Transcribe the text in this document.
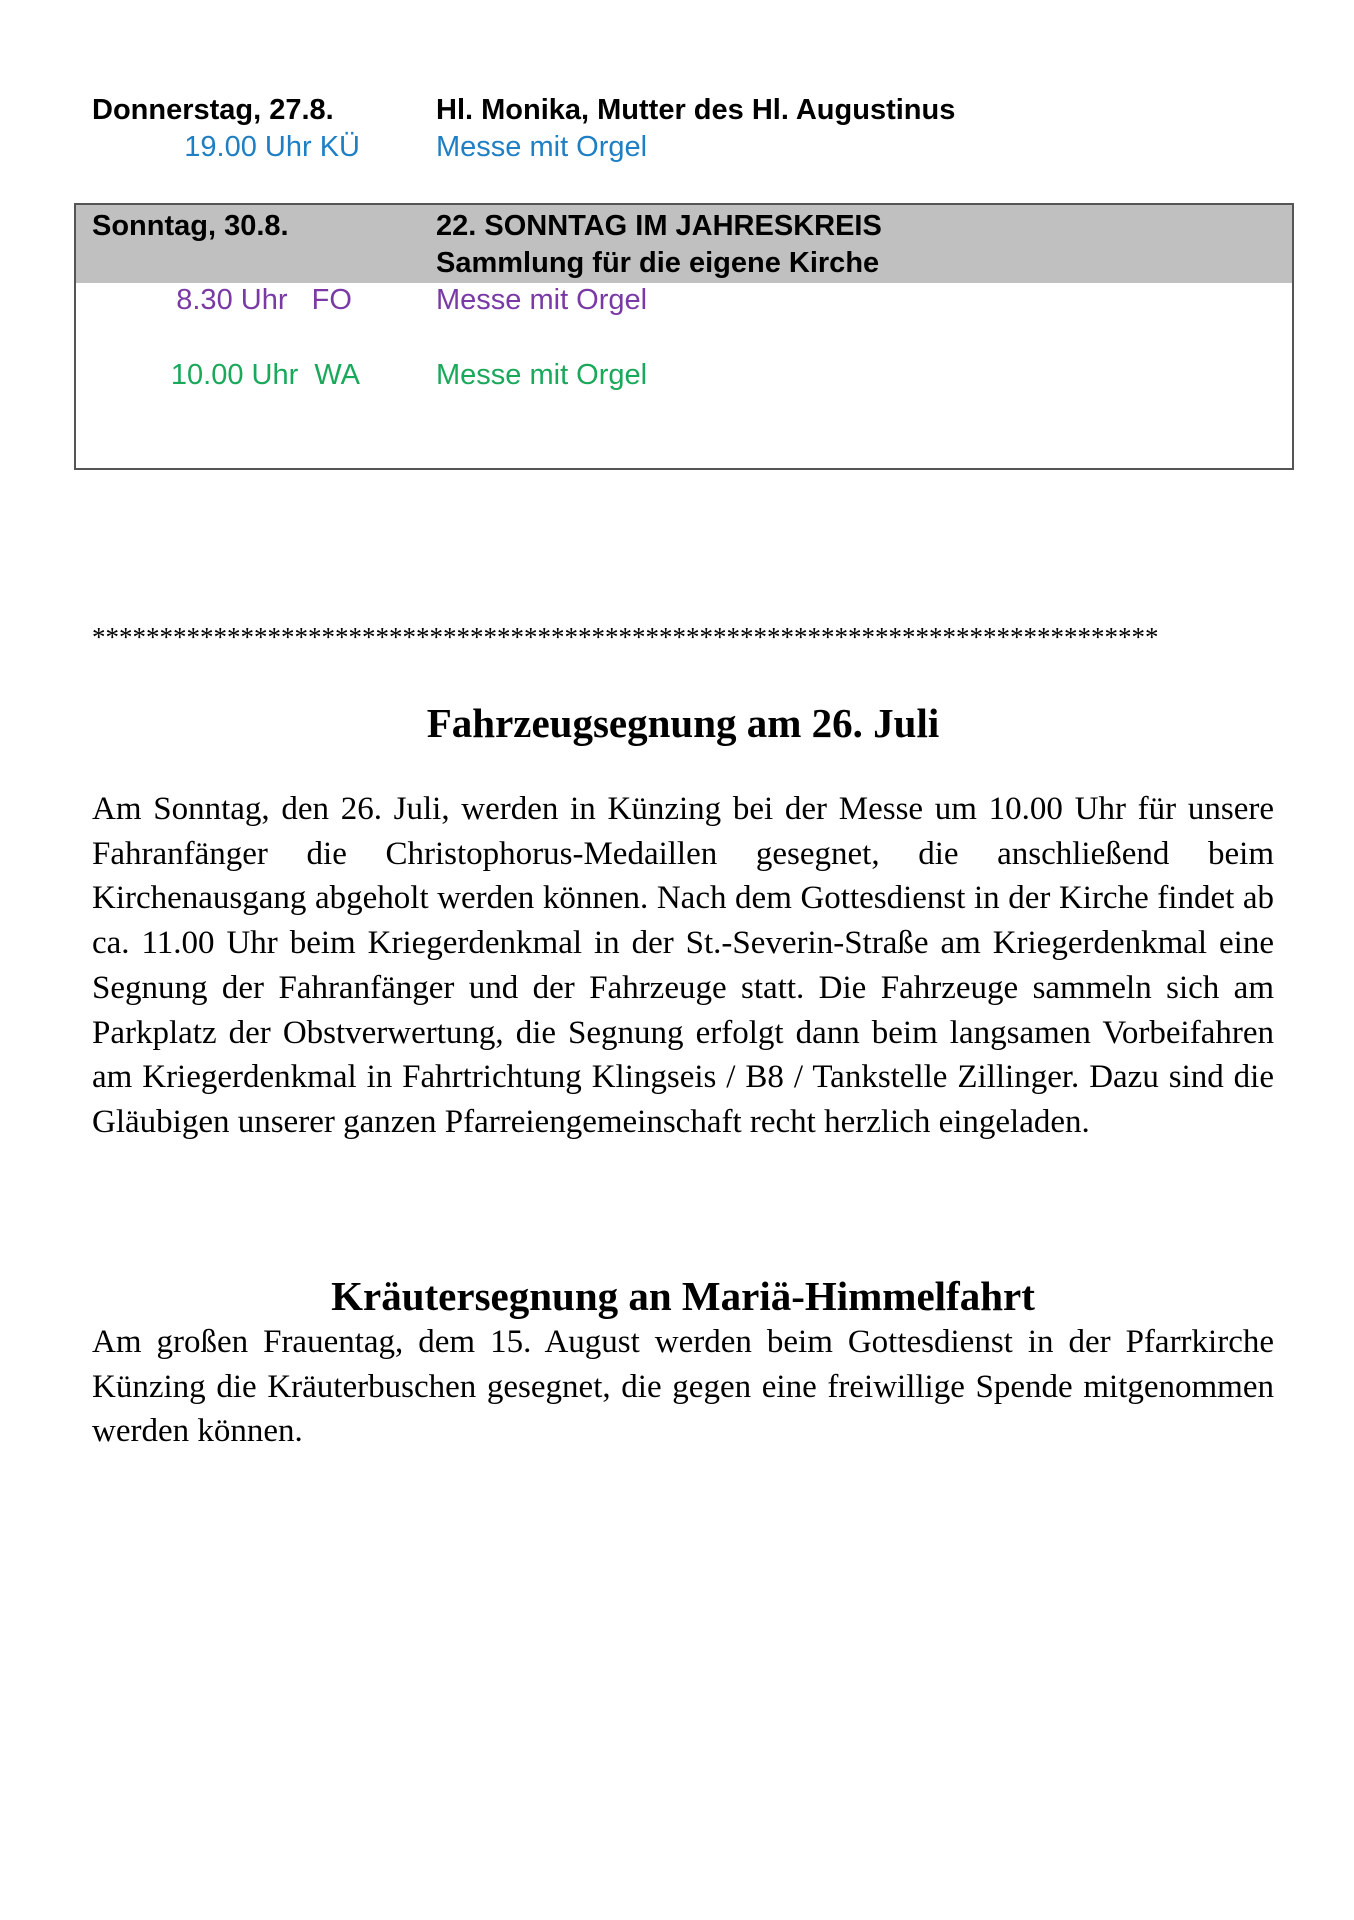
Donnerstag, 27.8.	Hl. Monika, Mutter des Hl. Augustinus
19.00 Uhr KÜ	Messe mit Orgel
Sonntag, 30.8.	22. SONNTAG IM JAHRESKREIS
Sammlung für die eigene Kirche
8.30 Uhr FO	Messe mit Orgel
10.00 Uhr WA	Messe mit Orgel
*******************************************************************************
Fahrzeugsegnung am 26. Juli
Am Sonntag, den 26. Juli, werden in Künzing bei der Messe um 10.00 Uhr für unsere Fahranfänger die Christophorus-Medaillen gesegnet, die anschließend beim Kirchenausgang abgeholt werden können. Nach dem Gottesdienst in der Kirche findet ab ca. 11.00 Uhr beim Kriegerdenkmal in der St.-Severin-Straße am Kriegerdenkmal eine Segnung der Fahranfänger und der Fahrzeuge statt. Die Fahrzeuge sammeln sich am Parkplatz der Obstverwertung, die Segnung erfolgt dann beim langsamen Vorbeifahren am Kriegerdenkmal in Fahrtrichtung Klingseis / B8 / Tankstelle Zillinger. Dazu sind die Gläubigen unserer ganzen Pfarreiengemeinschaft recht herzlich eingeladen.
Kräutersegnung an Mariä-Himmelfahrt
Am großen Frauentag, dem 15. August werden beim Gottesdienst in der Pfarrkirche Künzing die Kräuterbuschen gesegnet, die gegen eine freiwillige Spende mitgenommen werden können.
